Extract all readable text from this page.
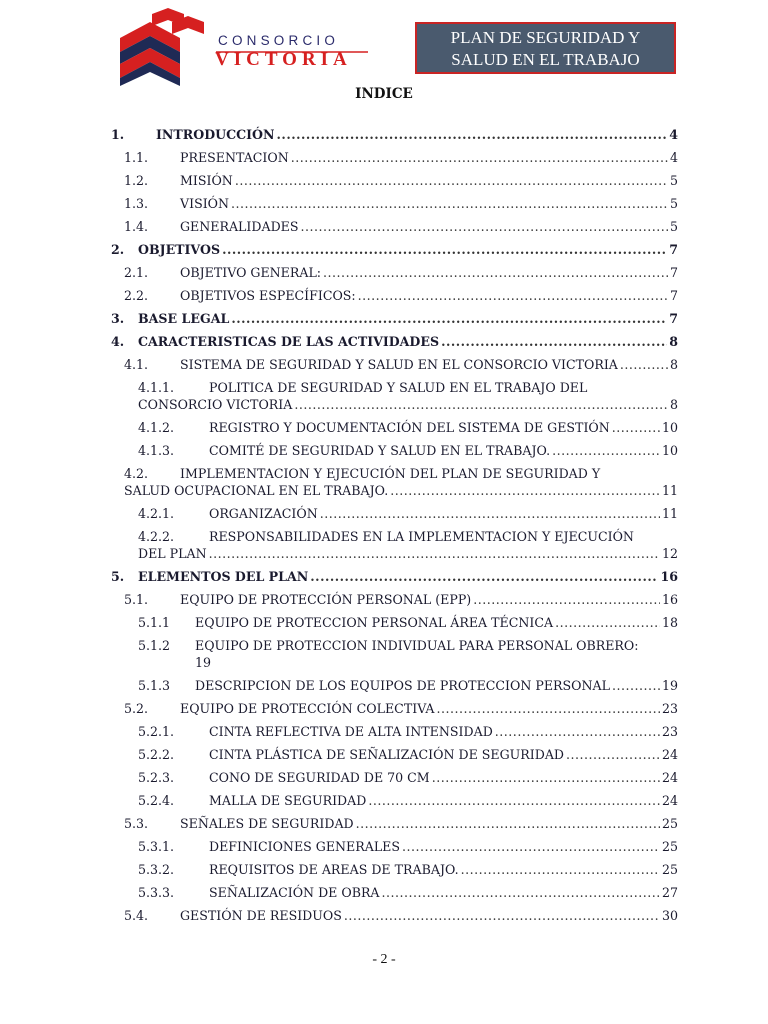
CONSORCIO
VICTORIA
PLAN DE SEGURIDAD Y
SALUD EN EL TRABAJO
INDICE
1.	INTRODUCCIÓN .....	4
1.1.	PRESENTACION .....	4
1.2.	MISIÓN .....	5
1.3.	VISIÓN .....	5
1.4.	GENERALIDADES .....	5
2. OBJETIVOS .....	7
2.1.	OBJETIVO GENERAL: .....	7
2.2.	OBJETIVOS ESPECÍFICOS: .....	7
3. BASE LEGAL .....	7
4. CARACTERISTICAS DE LAS ACTIVIDADES .....	8
4.1.	SISTEMA DE SEGURIDAD Y SALUD EN EL CONSORCIO VICTORIA .....	8
4.1.1.	POLITICA DE SEGURIDAD Y SALUD EN EL TRABAJO DEL
CONSORCIO VICTORIA .....	8
4.1.2.	REGISTRO Y DOCUMENTACIÓN DEL SISTEMA DE GESTIÓN .....	10
4.1.3.	COMITÉ DE SEGURIDAD Y SALUD EN EL TRABAJO. .....	10
4.2.	IMPLEMENTACION Y EJECUCIÓN DEL PLAN DE SEGURIDAD Y
SALUD OCUPACIONAL EN EL TRABAJO. .....	11
4.2.1.	ORGANIZACIÓN .....	11
4.2.2.	RESPONSABILIDADES EN LA IMPLEMENTACION Y EJECUCIÓN
DEL PLAN .....	12
5. ELEMENTOS DEL PLAN .....	16
5.1.	EQUIPO DE PROTECCIÓN PERSONAL (EPP) .....	16
5.1.1 EQUIPO DE PROTECCION PERSONAL ÁREA TÉCNICA .....	18
5.1.2 EQUIPO DE PROTECCION INDIVIDUAL PARA PERSONAL OBRERO:
19
5.1.3 DESCRIPCION DE LOS EQUIPOS DE PROTECCION PERSONAL .....	19
5.2.	EQUIPO DE PROTECCIÓN COLECTIVA .....	23
5.2.1.	CINTA REFLECTIVA DE ALTA INTENSIDAD .....	23
5.2.2.	CINTA PLÁSTICA DE SEÑALIZACIÓN DE SEGURIDAD .....	24
5.2.3.	CONO DE SEGURIDAD DE 70 CM .....	24
5.2.4.	MALLA DE SEGURIDAD .....	24
5.3.	SEÑALES DE SEGURIDAD .....	25
5.3.1.	DEFINICIONES GENERALES .....	25
5.3.2.	REQUISITOS DE AREAS DE TRABAJO. .....	25
5.3.3.	SEÑALIZACIÓN DE OBRA .....	27
5.4.	GESTIÓN DE RESIDUOS .....	30
- 2 -
